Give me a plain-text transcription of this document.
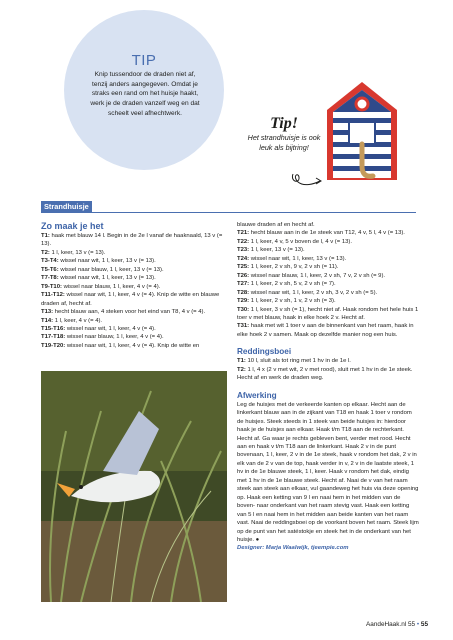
TIP
Knip tussendoor de draden niet af, tenzij anders aangegeven. Omdat je straks een rand om het huisje haakt, werk je de draden vanzelf weg en dat scheelt veel afhechtwerk.
Tip!
Het strandhuisje is ook leuk als bijtring!
Strandhuisje

Zo maak je het

T1: haak met blauw 14 l. Begin in de 2e l vanaf de haaknaald, 13 v (= 13).

T2: 1 l, keer, 13 v (= 13).

T3-T4: wissel naar wit, 1 l, keer, 13 v (= 13).

T5-T6: wissel naar blauw, 1 l, keer, 13 v (= 13).

T7-T8: wissel naar wit, 1 l, keer, 13 v (= 13).

T9-T10: wissel naar blauw, 1 l, keer, 4 v (= 4).

T11-T12: wissel naar wit, 1 l, keer, 4 v (= 4). Knip de witte en blauwe draden af, hecht af.

T13: hecht blauw aan, 4 steken voor het eind van T8, 4 v (= 4).

T14: 1 l, keer, 4 v (= 4).

T15-T16: wissel naar wit, 1 l, keer, 4 v (= 4).

T17-T18: wissel naar blauw, 1 l, keer, 4 v (= 4).

T19-T20: wissel naar wit, 1 l, keer, 4 v (= 4). Knip de witte en

blauwe draden af en hecht af.

T21: hecht blauw aan in de 1e steek van T12, 4 v, 5 l, 4 v (= 13).

T22: 1 l, keer, 4 v, 5 v boven de l, 4 v (= 13).

T23: 1 l, keer, 13 v (= 13).

T24: wissel naar wit, 1 l, keer, 13 v (= 13).

T25: 1 l, keer, 2 v sh, 9 v, 2 v sh (= 11).

T26: wissel naar blauw, 1 l, keer, 2 v sh, 7 v, 2 v sh (= 9).

T27: 1 l, keer, 2 v sh, 5 v, 2 v sh (= 7).

T28: wissel naar wit, 1 l, keer, 2 v sh, 3 v, 2 v sh (= 5).

T29: 1 l, keer, 2 v sh, 1 v, 2 v sh (= 3).

T30: 1 l, keer, 3 v sh (= 1), hecht niet af. Haak rondom het hele huis 1 toer v met blauw, haak in elke hoek 2 v. Hecht af.

T31: haak met wit 1 toer v aan de binnenkant van het raam, haak in elke hoek 2 v samen. Maak op dezelfde manier nog een huis.

Reddingsboei

T1: 10 l, sluit als tot ring met 1 hv in de 1e l.

T2: 1 l, 4 x (2 v met wit, 2 v met rood), sluit met 1 hv in de 1e steek. Hecht af en werk de draden weg.

Afwerking

Leg de huisjes met de verkeerde kanten op elkaar. Hecht aan de linkerkant blauw aan in de zijkant van T18 en haak 1 toer v rondom de huisjes. Steek steeds in 1 steek van beide huisjes in: hierdoor haak je de huisjes aan elkaar. Haak t/m T18 aan de rechterkant. Hecht af. Ga waar je rechts gebleven bent, verder met rood. Hecht aan en haak v t/m T18 aan de linkerkant. Haak 2 v in de punt bovenaan, 1 l, keer, 2 v in de 1e steek, haak v rondom het dak, 2 v in elk van de 2 v van de top, haak verder in v, 2 v in de laatste steek, 1 hv in de 1e blauwe steek, 1 l, keer. Haak v rondom het dak, eindig met 1 hv in de 1e blauwe steek. Hecht af. Naai de v van het raam steek aan steek aan elkaar, vul gaandeweg het huis via deze opening op. Haak een ketting van 9 l en naai hem in het midden van de boven- naar onderkant van het raam stevig vast. Haak een ketting van 5 l en naai hem in het midden aan beide kanten van het raam vast. Naai de reddingsboei op de voorkant boven het raam. Steek lijm op de punt van het satéstokje en steek het in de onderkant van het huisje. ●

Designer: Marja Waalwijk, tjeempie.com

AandeHaak.nl 55 • 55
